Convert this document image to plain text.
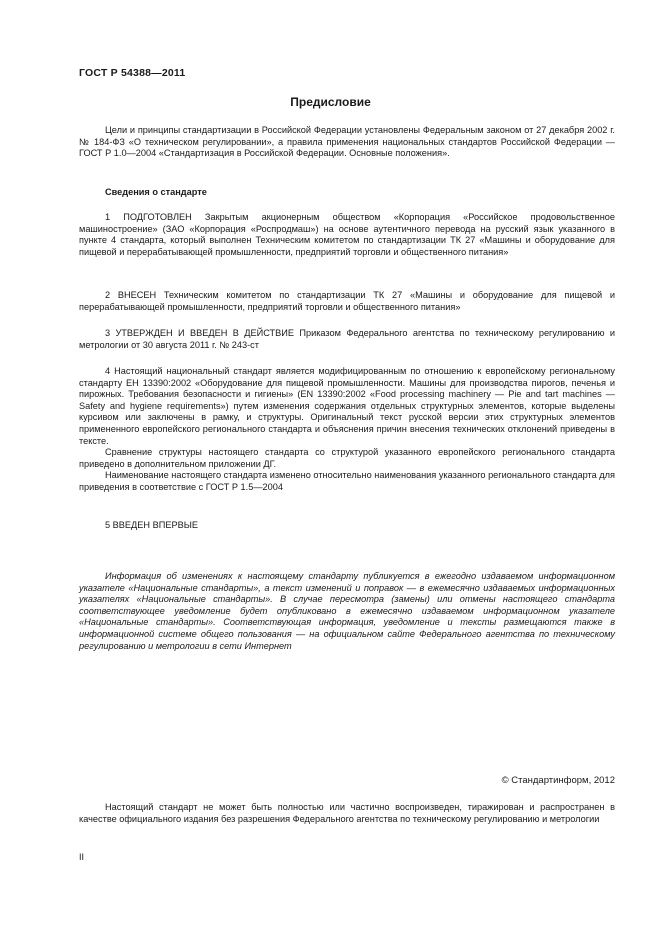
ГОСТ Р 54388—2011
Предисловие

Цели и принципы стандартизации в Российской Федерации установлены Федеральным законом от 27 декабря 2002 г. № 184-ФЗ «О техническом регулировании», а правила применения национальных стандартов Российской Федерации — ГОСТ Р 1.0—2004 «Стандартизация в Российской Федерации. Основные положения».

Сведения о стандарте

1 ПОДГОТОВЛЕН Закрытым акционерным обществом «Корпорация «Российское продовольственное машиностроение» (ЗАО «Корпорация «Роспродмаш») на основе аутентичного перевода на русский язык указанного в пункте 4 стандарта, который выполнен Техническим комитетом по стандартизации ТК 27 «Машины и оборудование для пищевой и перерабатывающей промышленности, предприятий торговли и общественного питания»

2 ВНЕСЕН Техническим комитетом по стандартизации ТК 27 «Машины и оборудование для пищевой и перерабатывающей промышленности, предприятий торговли и общественного питания»

3 УТВЕРЖДЕН И ВВЕДЕН В ДЕЙСТВИЕ Приказом Федерального агентства по техническому регулированию и метрологии от 30 августа 2011 г. № 243-ст

4 Настоящий национальный стандарт является модифицированным по отношению к европейскому региональному стандарту ЕН 13390:2002 «Оборудование для пищевой промышленности. Машины для производства пирогов, печенья и пирожных. Требования безопасности и гигиены» (EN 13390:2002 «Food processing machinery — Pie and tart machines — Safety and hygiene requirements») путем изменения содержания отдельных структурных элементов, которые выделены курсивом или заключены в рамку, и структуры. Оригинальный текст русской версии этих структурных элементов примененного европейского регионального стандарта и объяснения причин внесения технических отклонений приведены в тексте.

Сравнение структуры настоящего стандарта со структурой указанного европейского регионального стандарта приведено в дополнительном приложении ДГ.

Наименование настоящего стандарта изменено относительно наименования указанного регионального стандарта для приведения в соответствие с ГОСТ Р 1.5—2004

5 ВВЕДЕН ВПЕРВЫЕ

Информация об изменениях к настоящему стандарту публикуется в ежегодно издаваемом информационном указателе «Национальные стандарты», а текст изменений и поправок — в ежемесячно издаваемых информационных указателях «Национальные стандарты». В случае пересмотра (замены) или отмены настоящего стандарта соответствующее уведомление будет опубликовано в ежемесячно издаваемом информационном указателе «Национальные стандарты». Соответствующая информация, уведомление и тексты размещаются также в информационной системе общего пользования — на официальном сайте Федерального агентства по техническому регулированию и метрологии в сети Интернет

© Стандартинформ, 2012

Настоящий стандарт не может быть полностью или частично воспроизведен, тиражирован и распространен в качестве официального издания без разрешения Федерального агентства по техническому регулированию и метрологии

II
